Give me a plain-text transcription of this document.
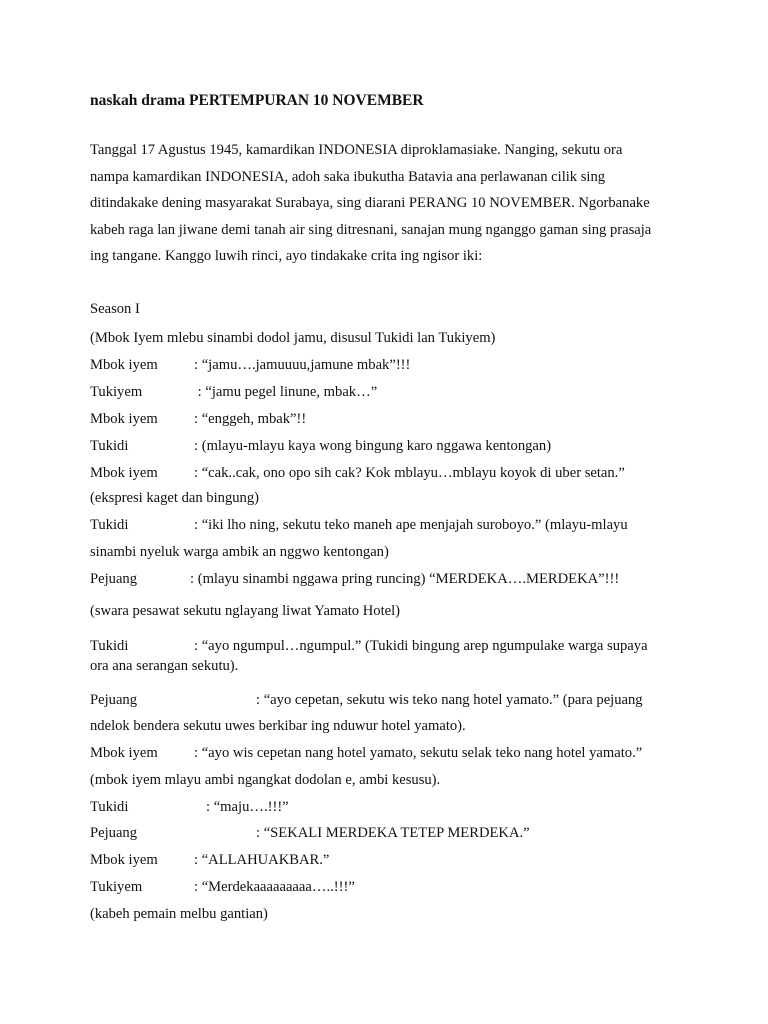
naskah drama PERTEMPURAN 10 NOVEMBER
Tanggal 17 Agustus 1945, kamardikan INDONESIA diproklamasiake. Nanging, sekutu ora
nampa kamardikan INDONESIA, adoh saka ibukutha Batavia ana perlawanan cilik sing
ditindakake dening masyarakat Surabaya, sing diarani PERANG 10 NOVEMBER. Ngorbanake
kabeh raga lan jiwane demi tanah air sing ditresnani, sanajan mung nganggo gaman sing prasaja
ing tangane. Kanggo luwih rinci, ayo tindakake crita ing ngisor iki:
Season I
(Mbok Iyem mlebu sinambi dodol jamu, disusul Tukidi lan Tukiyem)
Mbok iyem : “jamu….jamuuuu,jamune mbak”!!!
Tukiyem	: “jamu pegel linune, mbak…”
Mbok iyem : “enggeh, mbak”!!
Tukidi	: (mlayu-mlayu kaya wong bingung karo nggawa kentongan)
Mbok iyem : “cak..cak, ono opo sih cak? Kok mblayu…mblayu koyok di uber setan.”
(ekspresi kaget dan bingung)
Tukidi	: “iki lho ning, sekutu teko maneh ape menjajah suroboyo.” (mlayu-mlayu
sinambi nyeluk warga ambik an nggwo kentongan)
Pejuang	: (mlayu sinambi nggawa pring runcing) “MERDEKA….MERDEKA”!!!
(swara pesawat sekutu nglayang liwat Yamato Hotel)
Tukidi	: “ayo ngumpul…ngumpul.” (Tukidi bingung arep ngumpulake warga supaya
ora ana serangan sekutu).
Pejuang	: “ayo cepetan, sekutu wis teko nang hotel yamato.” (para pejuang
ndelok bendera sekutu uwes berkibar ing nduwur hotel yamato).
Mbok iyem : “ayo wis cepetan nang hotel yamato, sekutu selak teko nang hotel yamato.”
(mbok iyem mlayu ambi ngangkat dodolan e, ambi kesusu).
Tukidi	: “maju….!!!”
Pejuang	: “SEKALI MERDEKA TETEP MERDEKA.”
Mbok iyem : “ALLAHUAKBAR.”
Tukiyem	: “Merdekaaaaaaaaa…..!!!”
(kabeh pemain melbu gantian)
